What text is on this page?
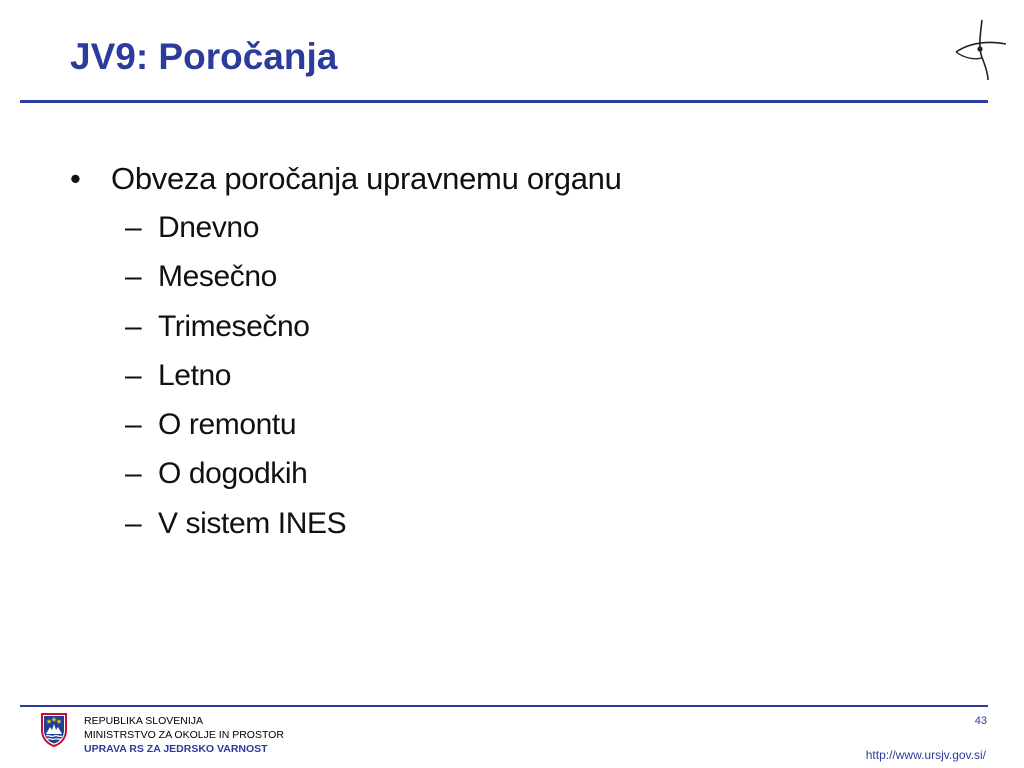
JV9: Poročanja
• Obveza poročanja upravnemu organu
– Dnevno
– Mesečno
– Trimesečno
– Letno
– O remontu
– O dogodkih
– V sistem INES
REPUBLIKA SLOVENIJA
MINISTRSTVO ZA OKOLJE IN PROSTOR
UPRAVA RS ZA JEDRSKO VARNOST
43
http://www.ursjv.gov.si/
